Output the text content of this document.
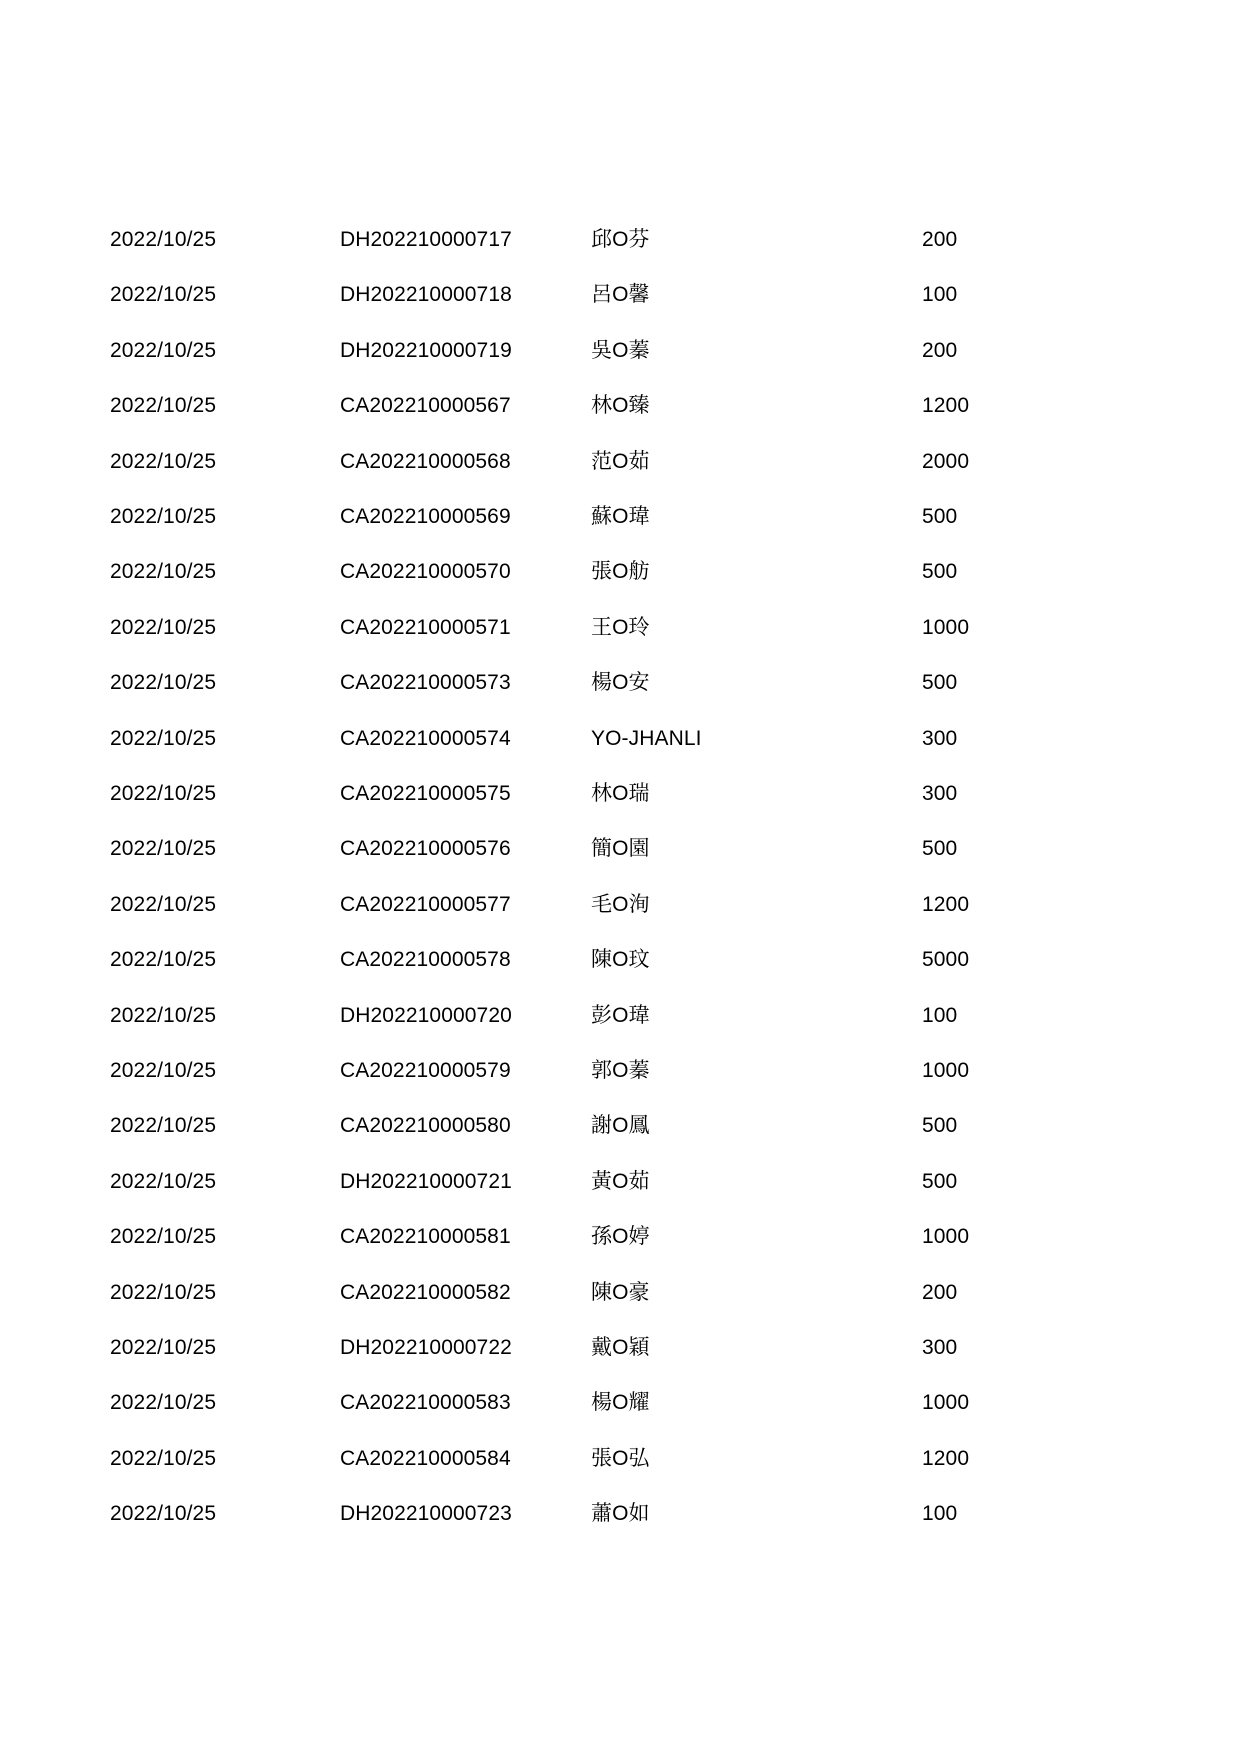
2022/10/25	DH202210000717	邱O芬	200
2022/10/25	DH202210000718	呂O馨	100
2022/10/25	DH202210000719	吳O蓁	200
2022/10/25	CA202210000567	林O臻	1200
2022/10/25	CA202210000568	范O茹	2000
2022/10/25	CA202210000569	蘇O瑋	500
2022/10/25	CA202210000570	張O舫	500
2022/10/25	CA202210000571	王O玲	1000
2022/10/25	CA202210000573	楊O安	500
2022/10/25	CA202210000574	YO-JHANLI	300
2022/10/25	CA202210000575	林O瑞	300
2022/10/25	CA202210000576	簡O園	500
2022/10/25	CA202210000577	毛O洵	1200
2022/10/25	CA202210000578	陳O玟	5000
2022/10/25	DH202210000720	彭O瑋	100
2022/10/25	CA202210000579	郭O蓁	1000
2022/10/25	CA202210000580	謝O鳳	500
2022/10/25	DH202210000721	黃O茹	500
2022/10/25	CA202210000581	孫O婷	1000
2022/10/25	CA202210000582	陳O豪	200
2022/10/25	DH202210000722	戴O穎	300
2022/10/25	CA202210000583	楊O耀	1000
2022/10/25	CA202210000584	張O弘	1200
2022/10/25	DH202210000723	蕭O如	100
